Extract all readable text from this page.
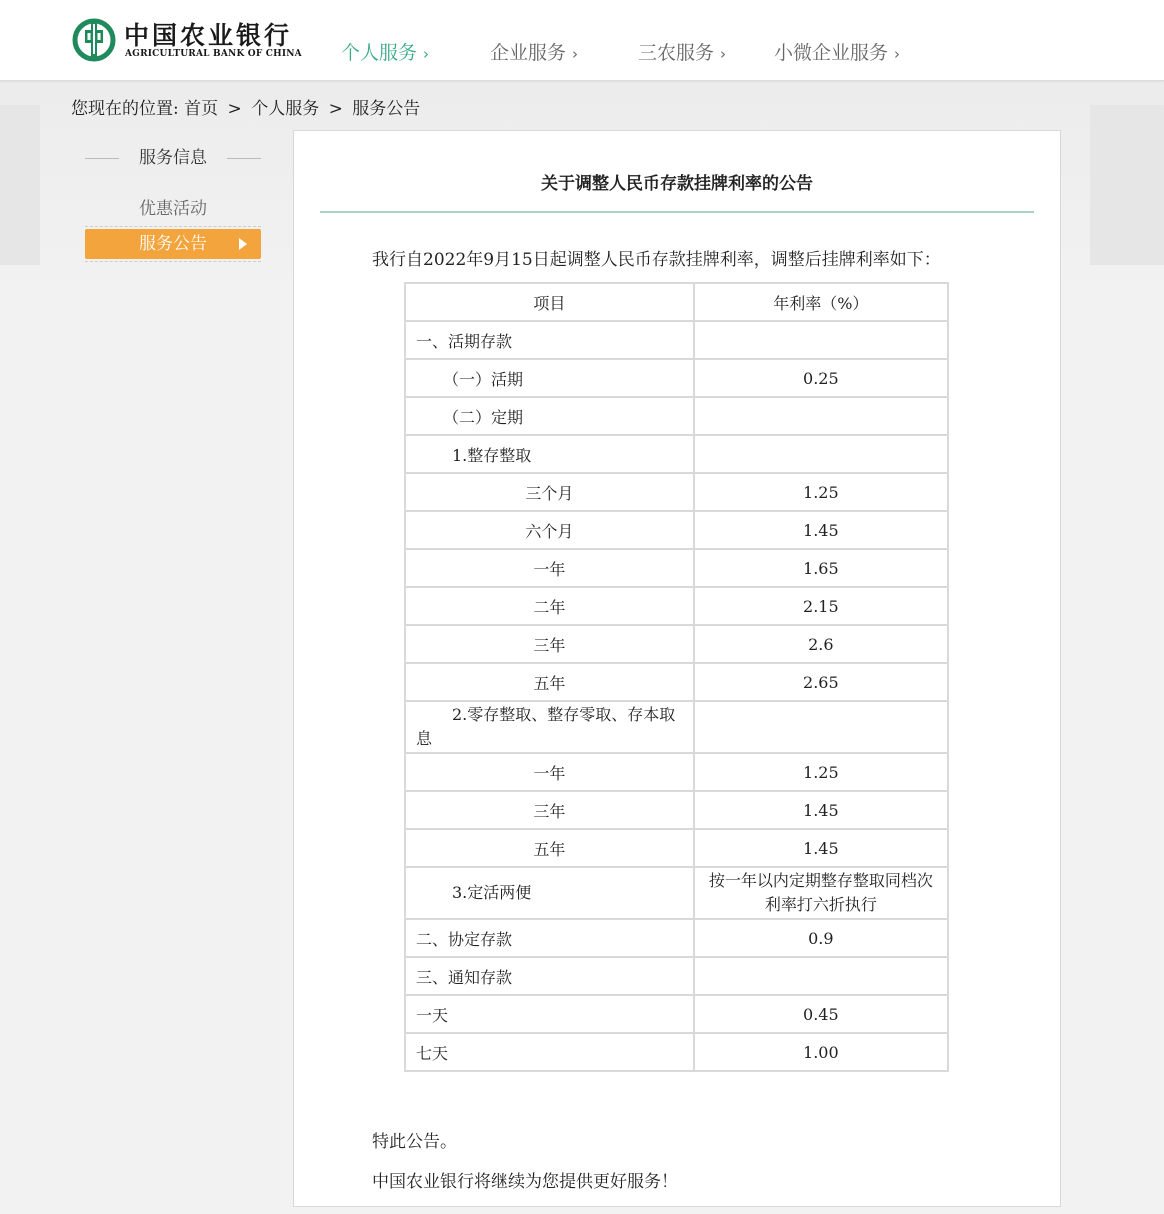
中国农业银行
AGRICULTURAL BANK OF CHINA 个人服务 ›	企业服务 ›	三农服务 ›	小微企业服务 ›
您现在的位置: 首页 > 个人服务 > 服务公告
服务信息
优惠活动
服务公告
关于调整人民币存款挂牌利率的公告
我行自2022年9月15日起调整人民币存款挂牌利率，调整后挂牌利率如下：
项目	年利率（%）
一、活期存款	
（一）活期	0.25
（二）定期	
1.整存整取	
三个月	1.25
六个月	1.45
一年	1.65
二年	2.15
三年	2.6
五年	2.65
2.零存整取、整存零取、存本取息	
一年	1.25
三年	1.45
五年	1.45
3.定活两便	按一年以内定期整存整取同档次利率打六折执行
二、协定存款	0.9
三、通知存款	
一天	0.45
七天	1.00
特此公告。
中国农业银行将继续为您提供更好服务！
